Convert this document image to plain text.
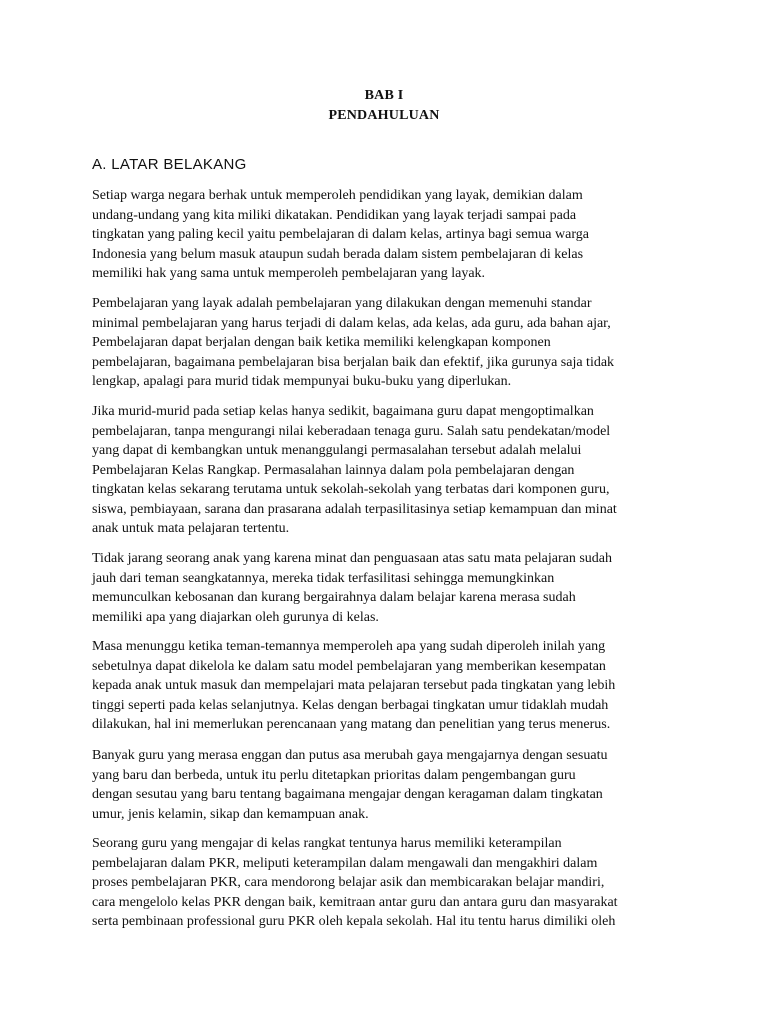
BAB I
PENDAHULUAN
A. LATAR BELAKANG
Setiap warga negara berhak untuk memperoleh pendidikan yang layak, demikian dalam
undang-undang yang kita miliki dikatakan. Pendidikan yang layak terjadi sampai pada
tingkatan yang paling kecil yaitu pembelajaran di dalam kelas, artinya bagi semua warga
Indonesia yang belum masuk ataupun sudah berada dalam sistem pembelajaran di kelas
memiliki hak yang sama untuk memperoleh pembelajaran yang layak.
Pembelajaran yang layak adalah pembelajaran yang dilakukan dengan memenuhi standar
minimal pembelajaran yang harus terjadi di dalam kelas, ada kelas, ada guru, ada bahan ajar,
Pembelajaran dapat berjalan dengan baik ketika memiliki kelengkapan komponen
pembelajaran, bagaimana pembelajaran bisa berjalan baik dan efektif, jika gurunya saja tidak
lengkap, apalagi para murid tidak mempunyai buku-buku yang diperlukan.
Jika murid-murid pada setiap kelas hanya sedikit, bagaimana guru dapat mengoptimalkan
pembelajaran, tanpa mengurangi nilai keberadaan tenaga guru. Salah satu pendekatan/model
yang dapat di kembangkan untuk menanggulangi permasalahan tersebut adalah melalui
Pembelajaran Kelas Rangkap. Permasalahan lainnya dalam pola pembelajaran dengan
tingkatan kelas sekarang terutama untuk sekolah-sekolah yang terbatas dari komponen guru,
siswa, pembiayaan, sarana dan prasarana adalah terpasilitasinya setiap kemampuan dan minat
anak untuk mata pelajaran tertentu.
Tidak jarang seorang anak yang karena minat dan penguasaan atas satu mata pelajaran sudah
jauh dari teman seangkatannya, mereka tidak terfasilitasi sehingga memungkinkan
memunculkan kebosanan dan kurang bergairahnya dalam belajar karena merasa sudah
memiliki apa yang diajarkan oleh gurunya di kelas.
Masa menunggu ketika teman-temannya memperoleh apa yang sudah diperoleh inilah yang
sebetulnya dapat dikelola ke dalam satu model pembelajaran yang memberikan kesempatan
kepada anak untuk masuk dan mempelajari mata pelajaran tersebut pada tingkatan yang lebih
tinggi seperti pada kelas selanjutnya. Kelas dengan berbagai tingkatan umur tidaklah mudah
dilakukan, hal ini memerlukan perencanaan yang matang dan penelitian yang terus menerus.
Banyak guru yang merasa enggan dan putus asa merubah gaya mengajarnya dengan sesuatu
yang baru dan berbeda, untuk itu perlu ditetapkan prioritas dalam pengembangan guru
dengan sesutau yang baru tentang bagaimana mengajar dengan keragaman dalam tingkatan
umur, jenis kelamin, sikap dan kemampuan anak.
Seorang guru yang mengajar di kelas rangkat tentunya harus memiliki keterampilan
pembelajaran dalam PKR, meliputi keterampilan dalam mengawali dan mengakhiri dalam
proses pembelajaran PKR, cara mendorong belajar asik dan membicarakan belajar mandiri,
cara mengelolo kelas PKR dengan baik, kemitraan antar guru dan antara guru dan masyarakat
serta pembinaan professional guru PKR oleh kepala sekolah. Hal itu tentu harus dimiliki oleh
